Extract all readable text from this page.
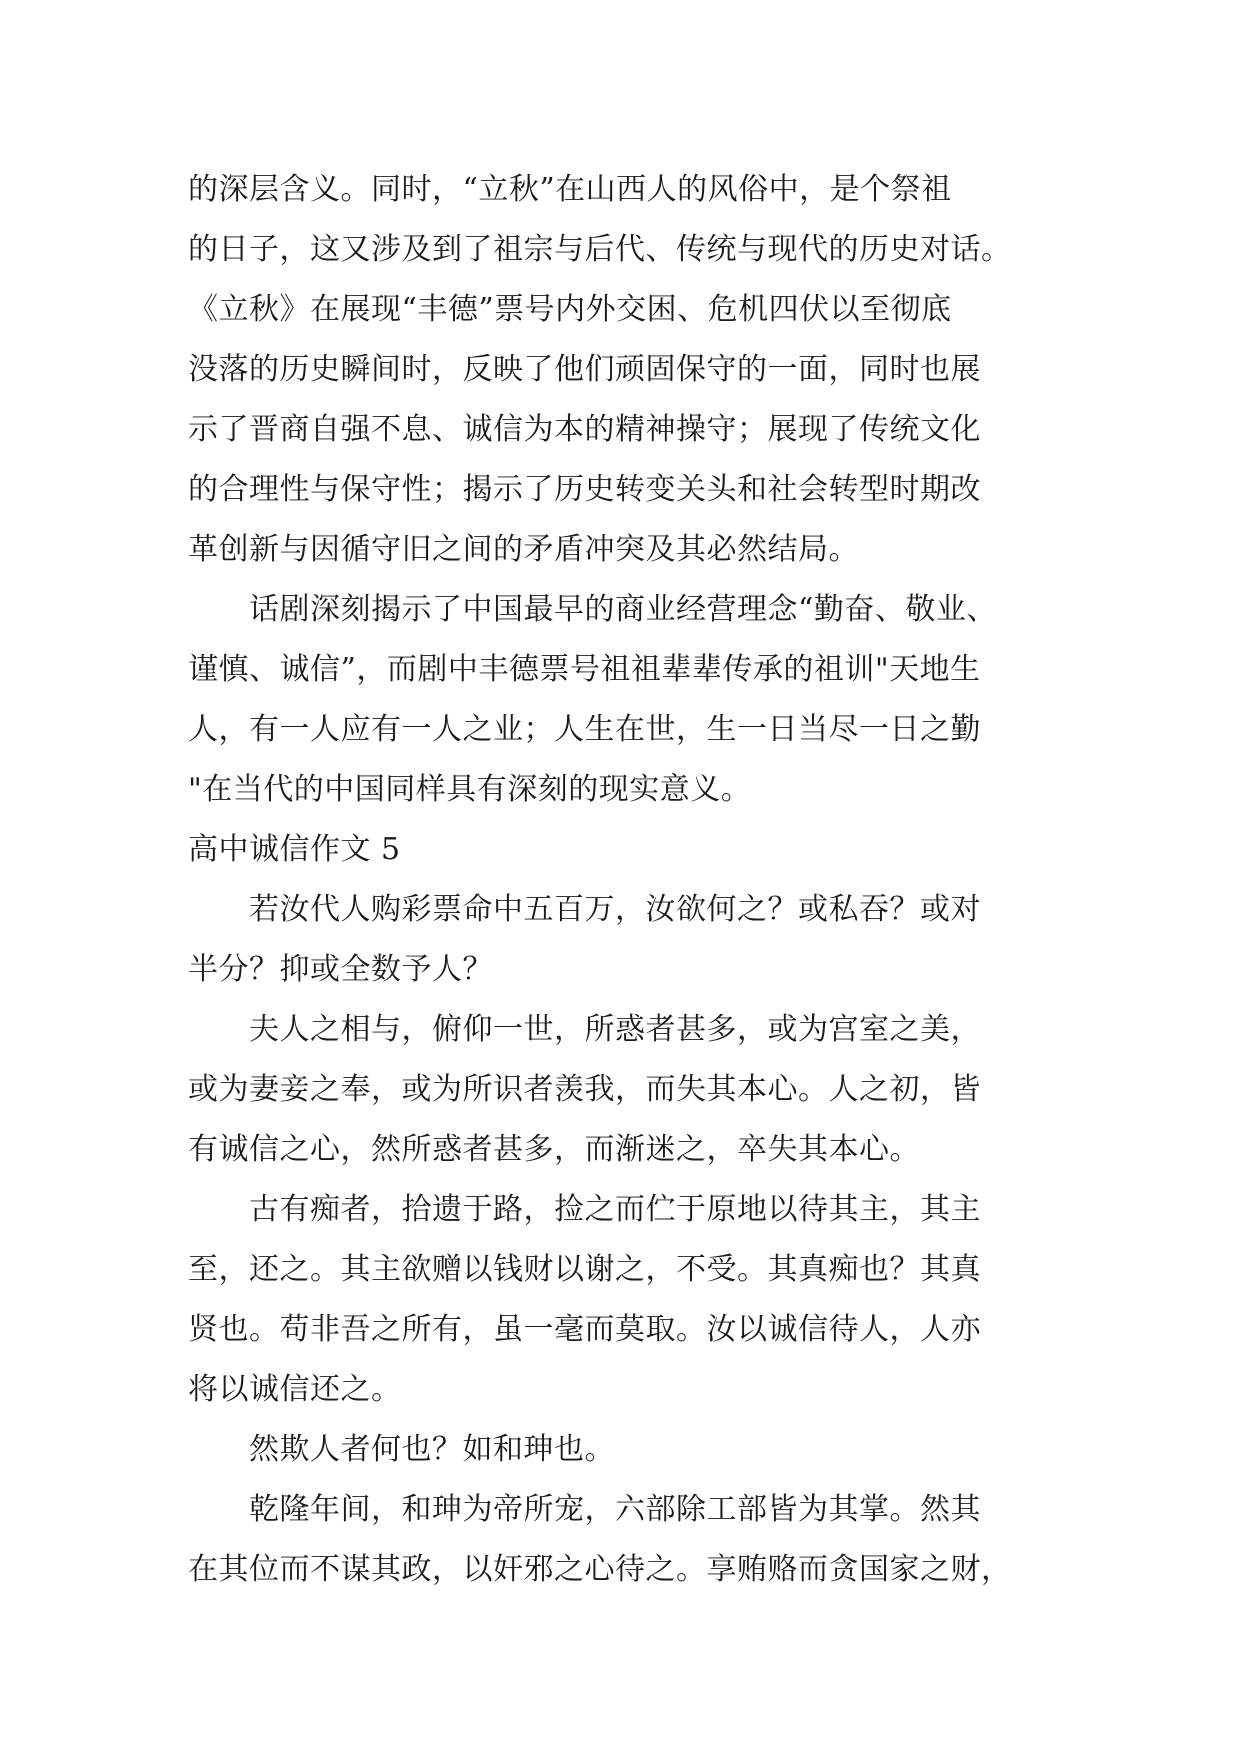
的深层含义。同时，“立秋”在山西人的风俗中，是个祭祖
的日子，这又涉及到了祖宗与后代、传统与现代的历史对话。
《立秋》在展现“丰德”票号内外交困、危机四伏以至彻底
没落的历史瞬间时，反映了他们顽固保守的一面，同时也展
示了晋商自强不息、诚信为本的精神操守；展现了传统文化
的合理性与保守性；揭示了历史转变关头和社会转型时期改
革创新与因循守旧之间的矛盾冲突及其必然结局。
　　话剧深刻揭示了中国最早的商业经营理念“勤奋、敬业、
谨慎、诚信”，而剧中丰德票号祖祖辈辈传承的祖训"天地生
人，有一人应有一人之业；人生在世，生一日当尽一日之勤
"在当代的中国同样具有深刻的现实意义。
高中诚信作文 5
　　若汝代人购彩票命中五百万，汝欲何之？或私吞？或对
半分？抑或全数予人？
　　夫人之相与，俯仰一世，所惑者甚多，或为宫室之美，
或为妻妾之奉，或为所识者羡我，而失其本心。人之初，皆
有诚信之心，然所惑者甚多，而渐迷之，卒失其本心。
　　古有痴者，拾遗于路，捡之而伫于原地以待其主，其主
至，还之。其主欲赠以钱财以谢之，不受。其真痴也？其真
贤也。苟非吾之所有，虽一毫而莫取。汝以诚信待人，人亦
将以诚信还之。
　　然欺人者何也？如和珅也。
　　乾隆年间，和珅为帝所宠，六部除工部皆为其掌。然其
在其位而不谋其政，以奸邪之心待之。享贿赂而贪国家之财，
